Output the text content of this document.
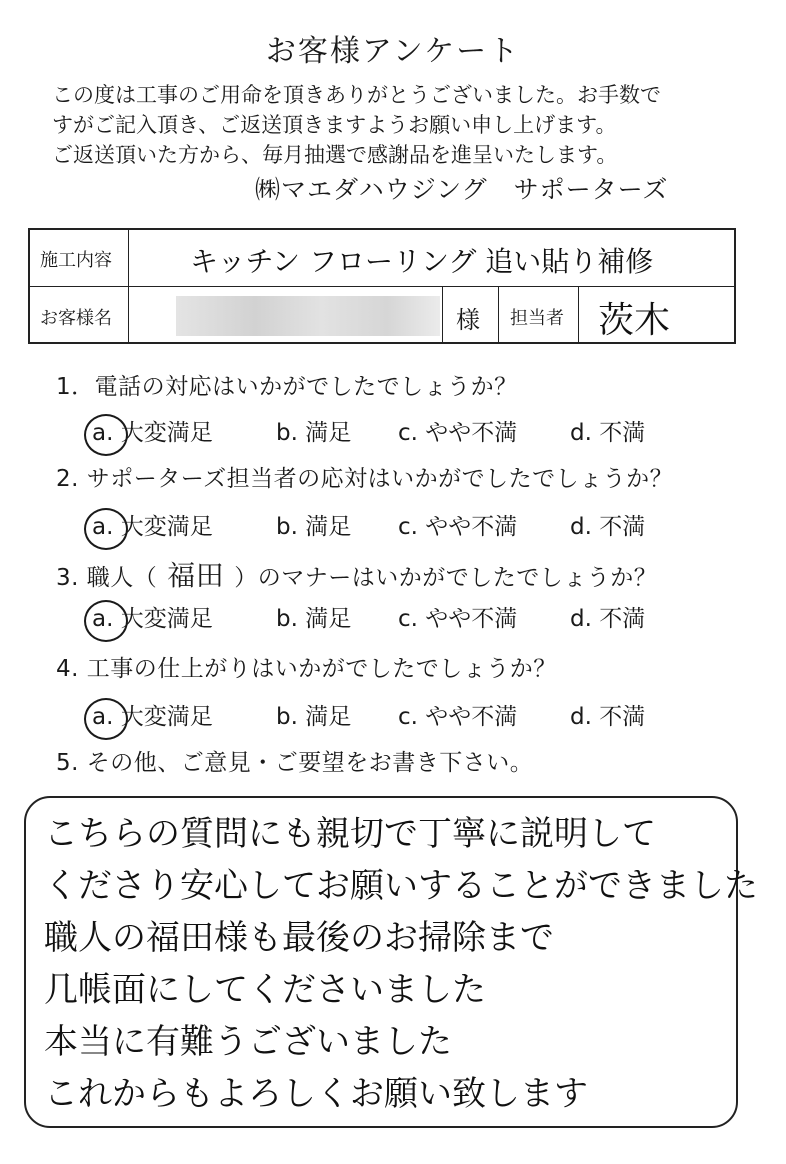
お客様アンケート
この度は工事のご用命を頂きありがとうございました。お手数で
すがご記入頂き、ご返送頂きますようお願い申し上げます。
ご返送頂いた方から、毎月抽選で感謝品を進呈いたします。
㈱マエダハウジング　サポーターズ
施工内容	キッチン フローリング 追い貼り補修
お客様名	様 担当者 茨木
1．電話の対応はいかがでしたでしょうか？
a. 大変満足	b. 満足 c. やや不満 d. 不満
2. サポーターズ担当者の応対はいかがでしたでしょうか？
a. 大変満足	b. 満足 c. やや不満 d. 不満
3. 職人（ 福田 ）のマナーはいかがでしたでしょうか？
a. 大変満足	b. 満足 c. やや不満 d. 不満
4. 工事の仕上がりはいかがでしたでしょうか？
a. 大変満足	b. 満足 c. やや不満 d. 不満
5. その他、ご意見・ご要望をお書き下さい。
こちらの質問にも親切で丁寧に説明して
くださり安心してお願いすることができました
職人の福田様も最後のお掃除まで
几帳面にしてくださいました
本当に有難うございました
これからもよろしくお願い致します
